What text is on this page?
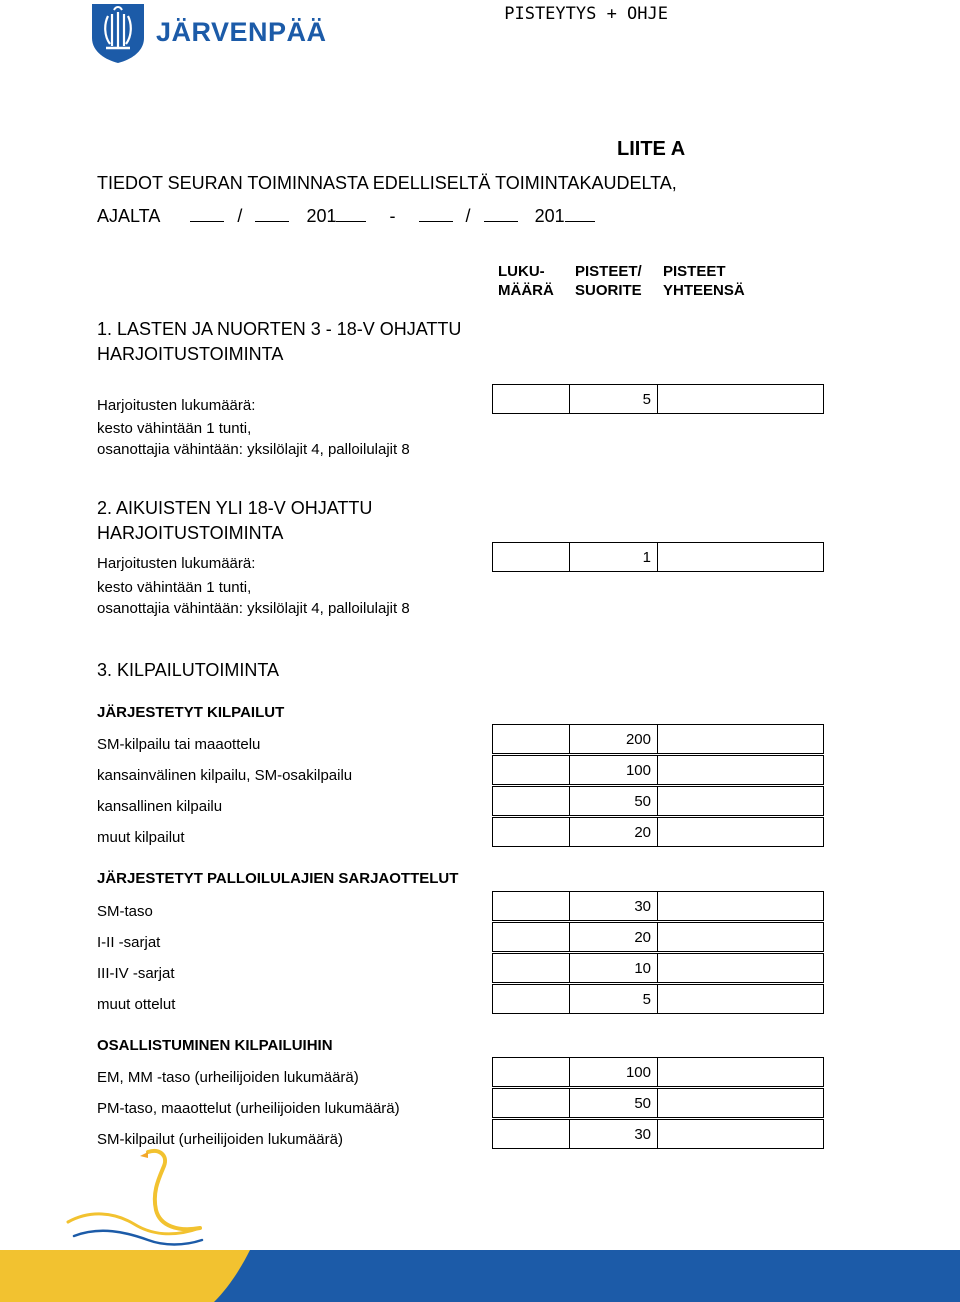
JÄRVENPÄÄ
PISTEYTYS + OHJE
LIITE A
TIEDOT SEURAN TOIMINNASTA EDELLISELTÄ TOIMINTAKAUDELTA,
AJALTA	/	201	-	/	201
LUKU-
MÄÄRÄ
PISTEET/
SUORITE
PISTEET
YHTEENSÄ
1. LASTEN JA NUORTEN 3 - 18-V OHJATTU
HARJOITUSTOIMINTA
Harjoitusten lukumäärä:	5
kesto vähintään 1 tunti,
osanottajia vähintään: yksilölajit 4, palloilulajit 8
2. AIKUISTEN YLI 18-V OHJATTU
HARJOITUSTOIMINTA
Harjoitusten lukumäärä:	1
kesto vähintään 1 tunti,
osanottajia vähintään: yksilölajit 4, palloilulajit 8
3. KILPAILUTOIMINTA
JÄRJESTETYT KILPAILUT
SM-kilpailu tai maaottelu	200
kansainvälinen kilpailu, SM-osakilpailu	100
kansallinen kilpailu	50
muut kilpailut	20
JÄRJESTETYT PALLOILULAJIEN SARJAOTTELUT
SM-taso	30
I-II -sarjat	20
III-IV -sarjat	10
muut ottelut	5
OSALLISTUMINEN KILPAILUIHIN
EM, MM -taso (urheilijoiden lukumäärä)	100
PM-taso, maaottelut (urheilijoiden lukumäärä)	50
SM-kilpailut (urheilijoiden lukumäärä)	30
